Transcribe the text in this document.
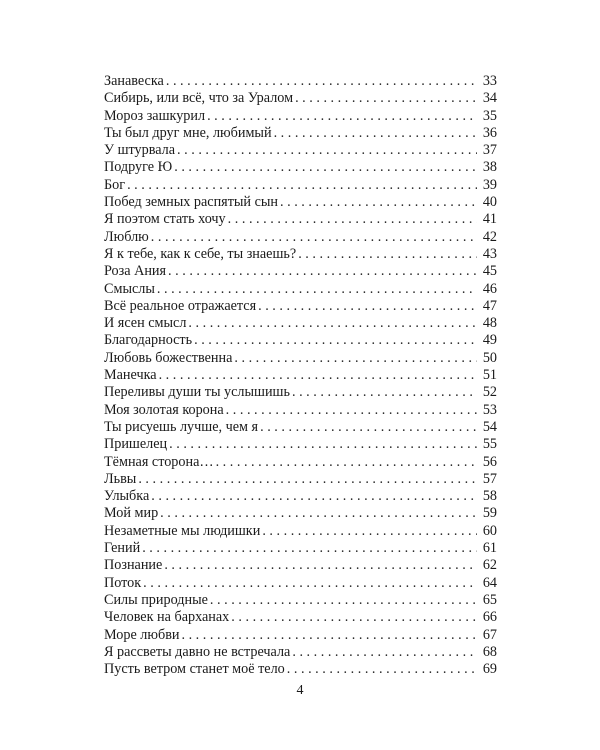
Занавеска . . .	33
Сибирь, или всё, что за Уралом . . .	34
Мороз зашкурил . . .	35
Ты был друг мне, любимый . . .	36
У штурвала . . .	37
Подруге Ю . . .	38
Бог . . .	39
Побед земных распятый сын . . .	40
Я поэтом стать хочу . . .	41
Люблю . . .	42
Я к тебе, как к себе, ты знаешь? . . .	43
Роза Ания . . .	45
Смыслы . . .	46
Всё реальное отражается . . .	47
И ясен смысл . . .	48
Благодарность . . .	49
Любовь божественна . . .	50
Манечка . . .	51
Переливы души ты услышишь . . .	52
Моя золотая корона . . .	53
Ты рисуешь лучше, чем я . . .	54
Пришелец . . .	55
Тёмная сторона… . . .	56
Львы . . .	57
Улыбка . . .	58
Мой мир . . .	59
Незаметные мы людишки . . .	60
Гений . . .	61
Познание . . .	62
Поток . . .	64
Силы природные . . .	65
Человек на барханах . . .	66
Море любви . . .	67
Я рассветы давно не встречала . . .	68
Пусть ветром станет моё тело . . .	69
4
